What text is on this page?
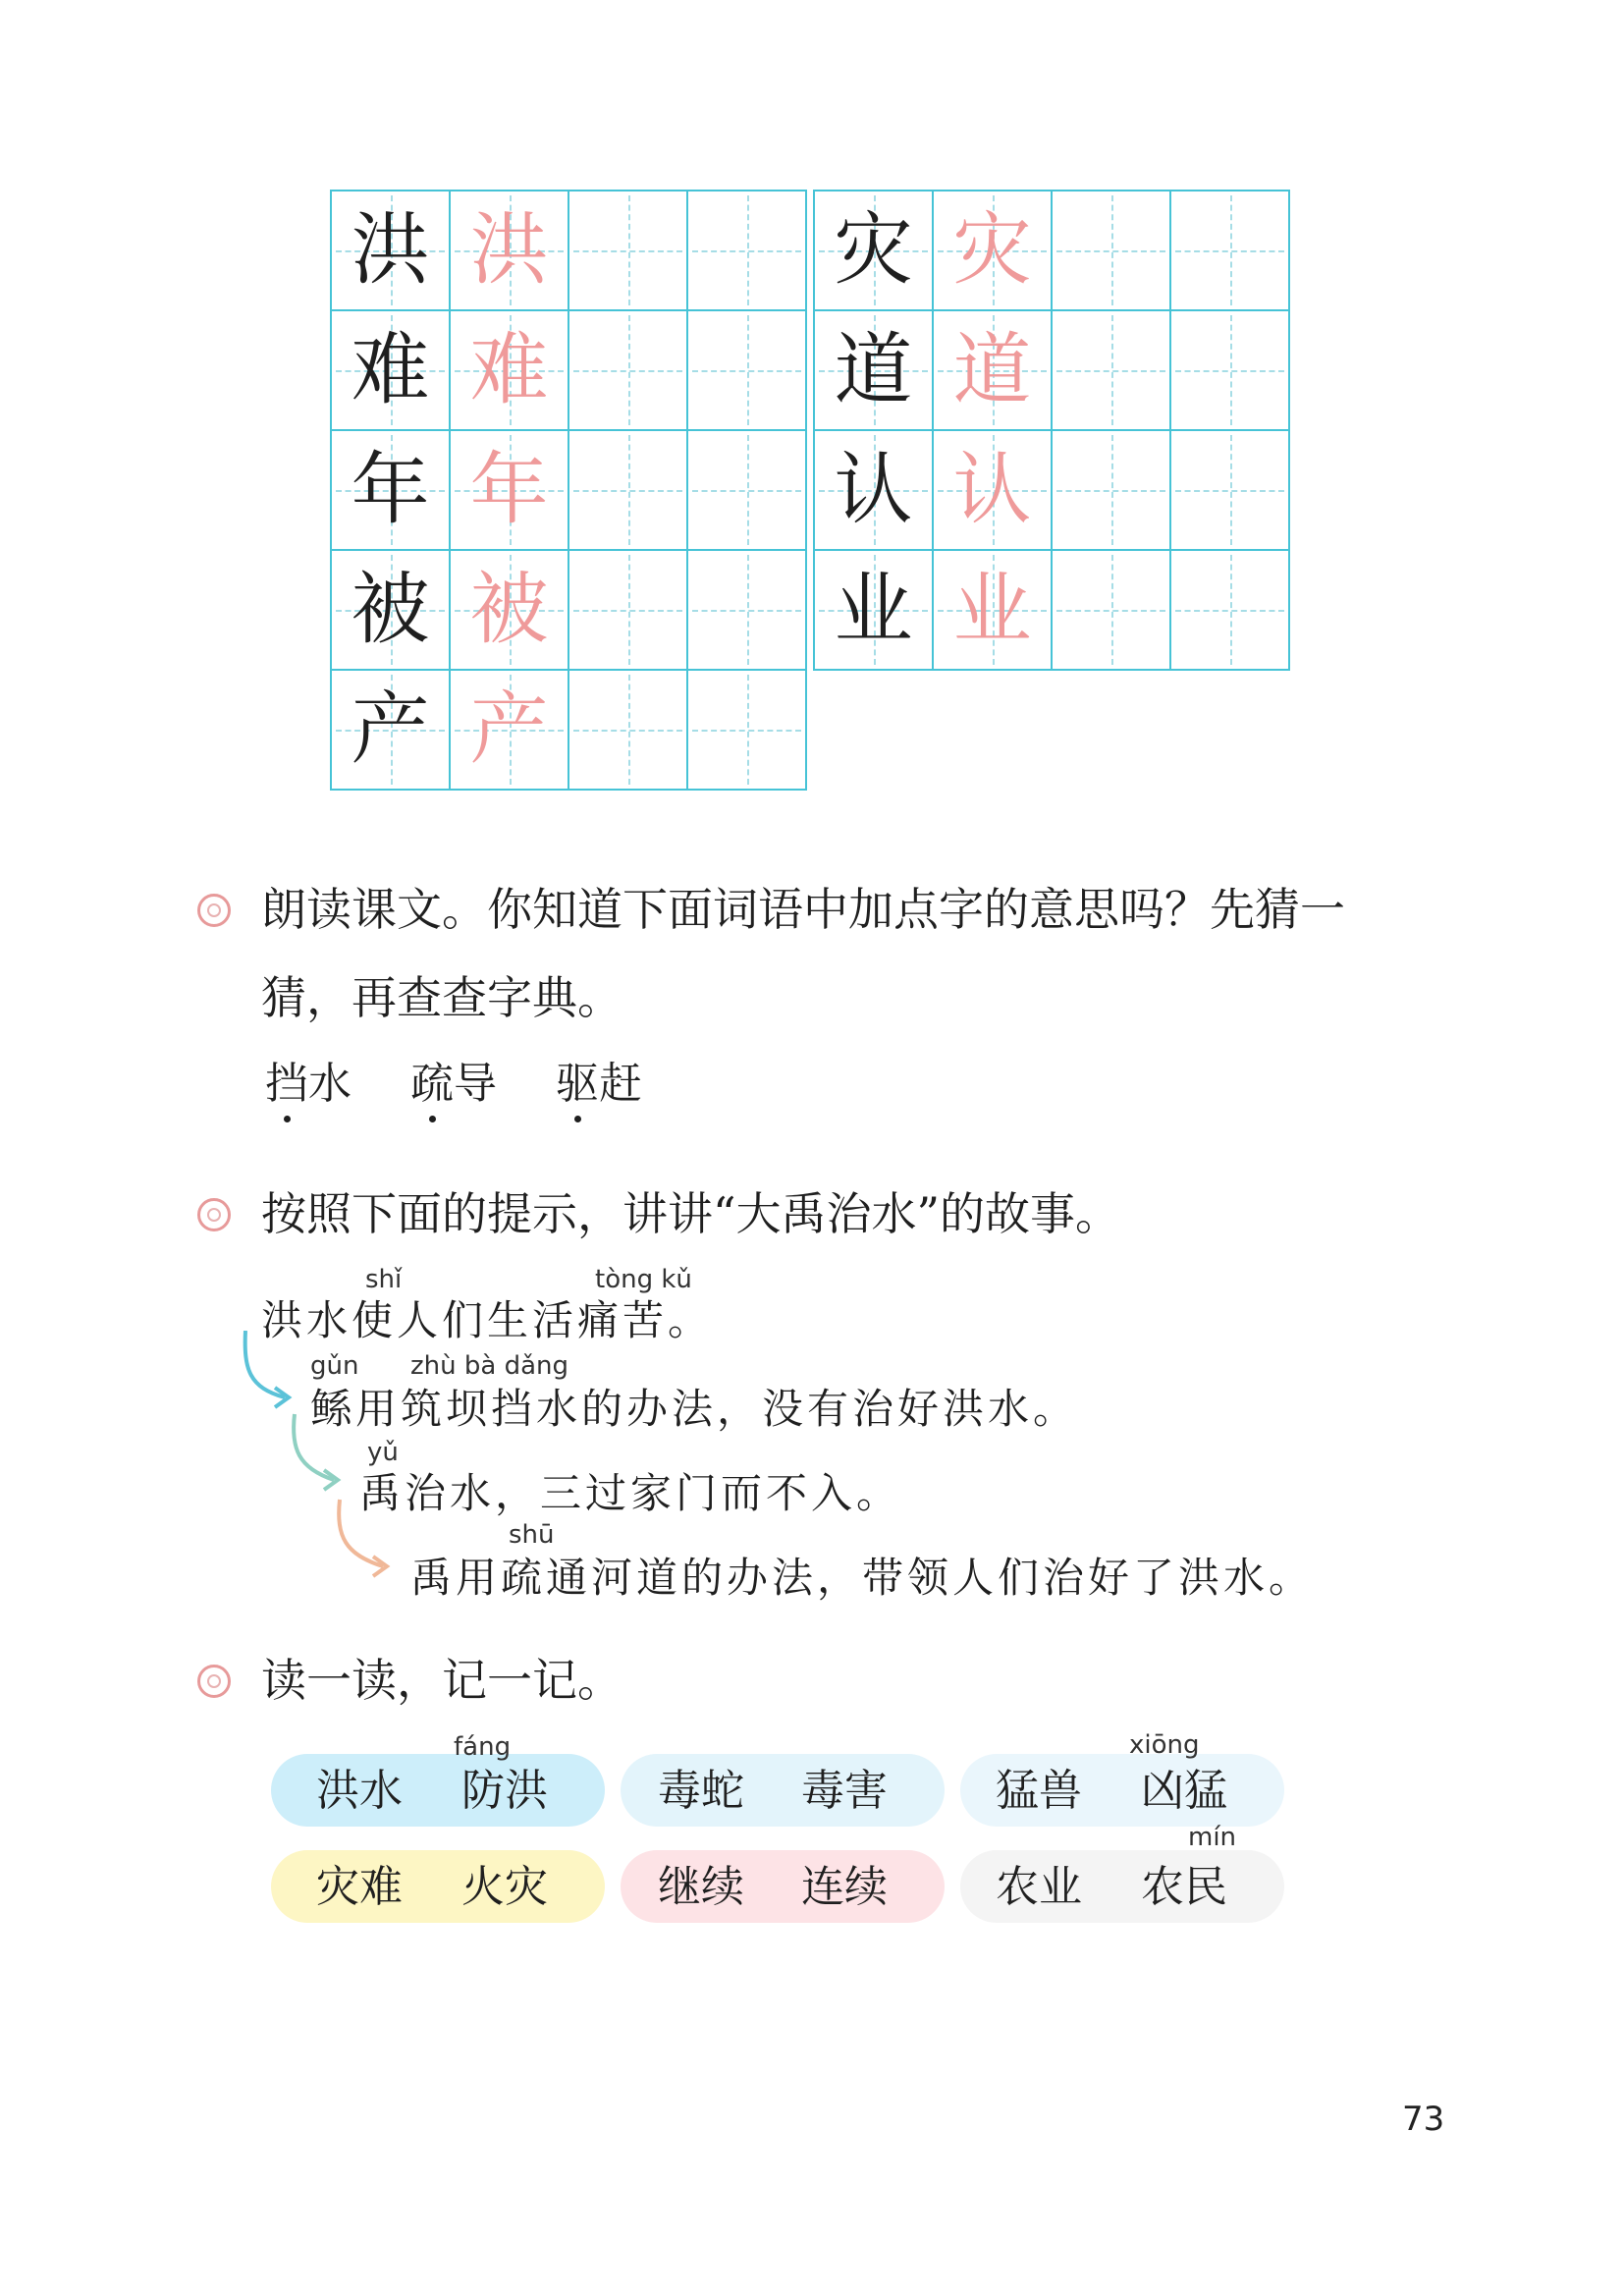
洪 洪
难 难
年 年
被 被
产 产
灾 灾
道 道
认 认
业 业
朗读课文。你知道下面词语中加点字的意思吗？先猜一
猜，再查查字典。
挡水 疏导 驱赶
按照下面的提示，讲讲“大禹治水”的故事。
shǐ	tòng kǔ
洪水使人们生活痛苦。
gǔn zhù bà dǎng
鲧用筑坝挡水的办法，没有治好洪水。
yǔ
禹治水，三过家门而不入。
shū
禹用疏通河道的办法，带领人们治好了洪水。
读一读，记一记。
fáng	xiōng
mín
洪水 防洪	毒蛇 毒害	猛兽 凶猛
灾难 火灾	继续 连续	农业 农民
73
